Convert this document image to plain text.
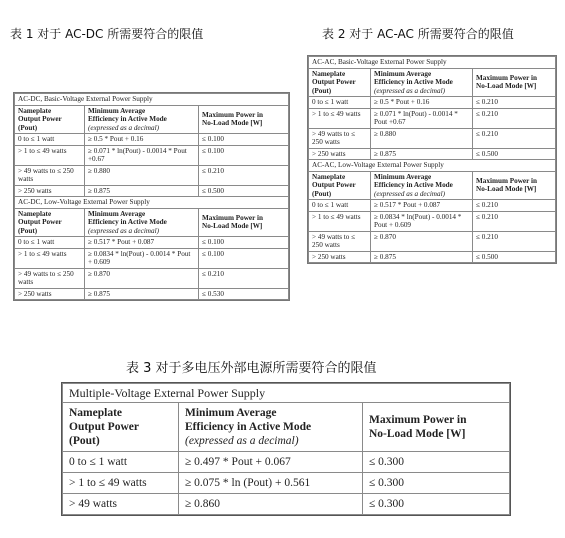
表 1 对于 AC-DC 所需要符合的限值	表 2 对于 AC-AC 所需要符合的限值
表 3 对于多电压外部电源所需要符合的限值
AC-DC, Basic-Voltage External Power Supply		
Nameplate
Output Power
(Pout)	Minimum Average
Efficiency in Active Mode
(expressed as a decimal)	Maximum Power in
No-Load Mode [W]
0 to ≤ 1 watt	≥ 0.5 * Pout + 0.16	≤ 0.100
> 1 to ≤ 49 watts	≥ 0.071 * ln(Pout) - 0.0014 * Pout +0.67	≤ 0.100
> 49 watts to ≤ 250 watts	≥ 0.880	≤ 0.210
> 250 watts	≥ 0.875	≤ 0.500
AC-DC, Low-Voltage External Power Supply		
Nameplate
Output Power
(Pout)	Minimum Average
Efficiency in Active Mode
(expressed as a decimal)	Maximum Power in
No-Load Mode [W]
0 to ≤ 1 watt	≥ 0.517 * Pout + 0.087	≤ 0.100
> 1 to ≤ 49 watts	≥ 0.0834 * ln(Pout) - 0.0014 * Pout + 0.609	≤ 0.100
> 49 watts to ≤ 250 watts	≥ 0.870	≤ 0.210
> 250 watts	≥ 0.875	≤ 0.530
AC-AC, Basic-Voltage External Power Supply		
Nameplate
Output Power
(Pout)	Minimum Average
Efficiency in Active Mode
(expressed as a decimal)	Maximum Power in
No-Load Mode [W]
0 to ≤ 1 watt	≥ 0.5 * Pout + 0.16	≤ 0.210
> 1 to ≤ 49 watts	≥ 0.071 * ln(Pout) - 0.0014 * Pout +0.67	≤ 0.210
> 49 watts to ≤ 250 watts	≥ 0.880	≤ 0.210
> 250 watts	≥ 0.875	≤ 0.500
AC-AC, Low-Voltage External Power Supply		
Nameplate
Output Power
(Pout)	Minimum Average
Efficiency in Active Mode
(expressed as a decimal)	Maximum Power in
No-Load Mode [W]
0 to ≤ 1 watt	≥ 0.517 * Pout + 0.087	≤ 0.210
> 1 to ≤ 49 watts	≥ 0.0834 * ln(Pout) - 0.0014 * Pout + 0.609	≤ 0.210
> 49 watts to ≤ 250 watts	≥ 0.870	≤ 0.210
> 250 watts	≥ 0.875	≤ 0.500
Multiple-Voltage External Power Supply		
Nameplate
Output Power
(Pout)	Minimum Average
Efficiency in Active Mode
(expressed as a decimal)	Maximum Power in
No-Load Mode [W]
0 to ≤ 1 watt	≥ 0.497 * Pout + 0.067	≤ 0.300
> 1 to ≤ 49 watts	≥ 0.075 * ln (Pout) + 0.561	≤ 0.300
> 49 watts	≥ 0.860	≤ 0.300
